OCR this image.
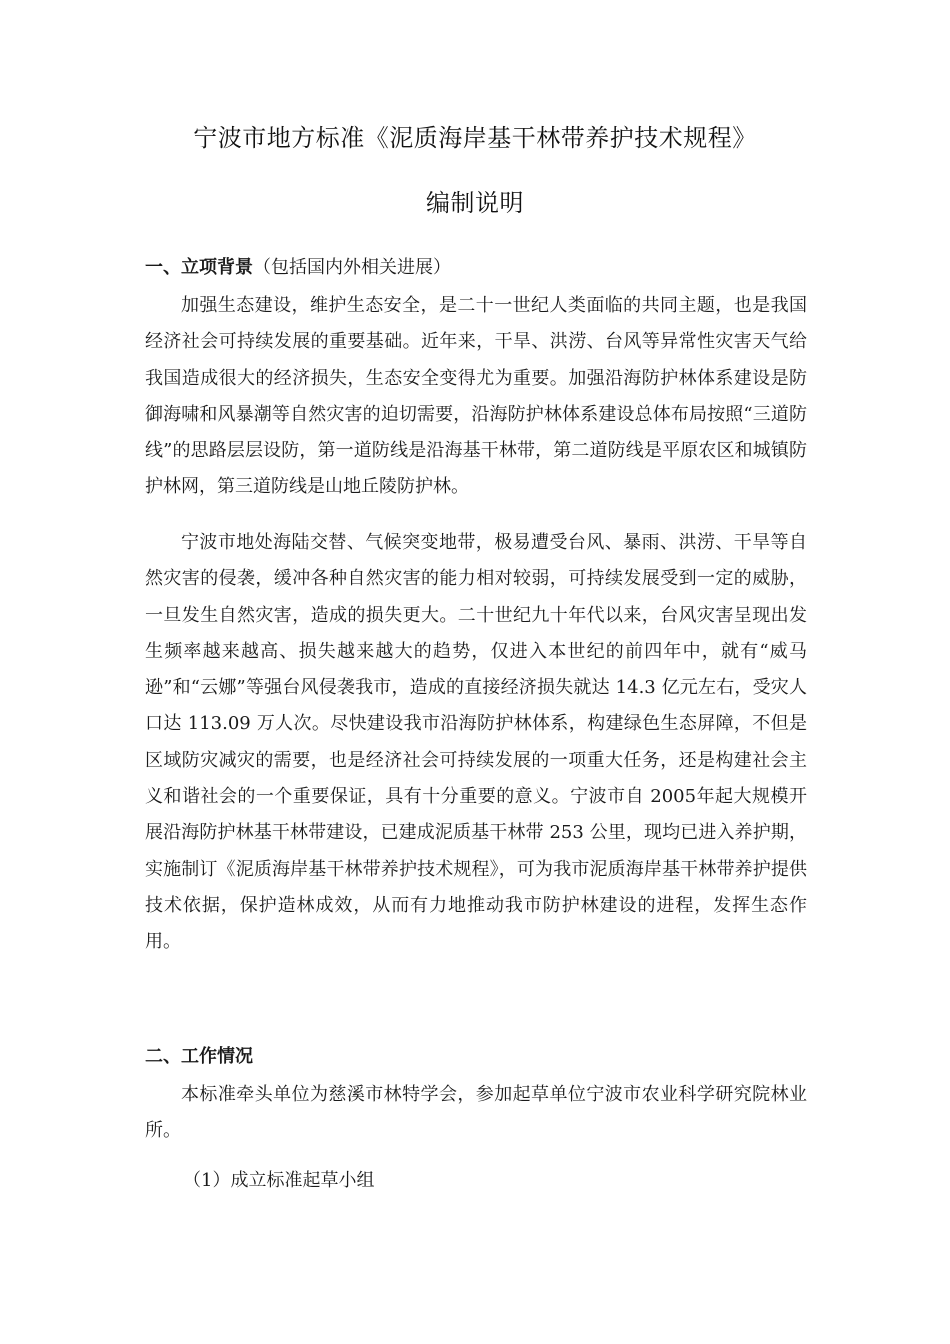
宁波市地方标准《泥质海岸基干林带养护技术规程》
编制说明
一、立项背景（包括国内外相关进展）

加强生态建设，维护生态安全，是二十一世纪人类面临的共同主题，也是我国经济社会可持续发展的重要基础。近年来，干旱、洪涝、台风等异常性灾害天气给我国造成很大的经济损失，生态安全变得尤为重要。加强沿海防护林体系建设是防御海啸和风暴潮等自然灾害的迫切需要，沿海防护林体系建设总体布局按照“三道防线”的思路层层设防，第一道防线是沿海基干林带，第二道防线是平原农区和城镇防护林网，第三道防线是山地丘陵防护林。

宁波市地处海陆交替、气候突变地带，极易遭受台风、暴雨、洪涝、干旱等自然灾害的侵袭，缓冲各种自然灾害的能力相对较弱，可持续发展受到一定的威胁，一旦发生自然灾害，造成的损失更大。二十世纪九十年代以来，台风灾害呈现出发生频率越来越高、损失越来越大的趋势，仅进入本世纪的前四年中，就有“威马逊”和“云娜”等强台风侵袭我市，造成的直接经济损失就达 14.3 亿元左右，受灾人口达 113.09 万人次。尽快建设我市沿海防护林体系，构建绿色生态屏障，不但是区域防灾减灾的需要，也是经济社会可持续发展的一项重大任务，还是构建社会主义和谐社会的一个重要保证，具有十分重要的意义。宁波市自 2005年起大规模开展沿海防护林基干林带建设，已建成泥质基干林带 253 公里，现均已进入养护期，实施制订《泥质海岸基干林带养护技术规程》，可为我市泥质海岸基干林带养护提供技术依据，保护造林成效，从而有力地推动我市防护林建设的进程，发挥生态作用。

二、工作情况

本标准牵头单位为慈溪市林特学会，参加起草单位宁波市农业科学研究院林业所。

（1）成立标准起草小组
